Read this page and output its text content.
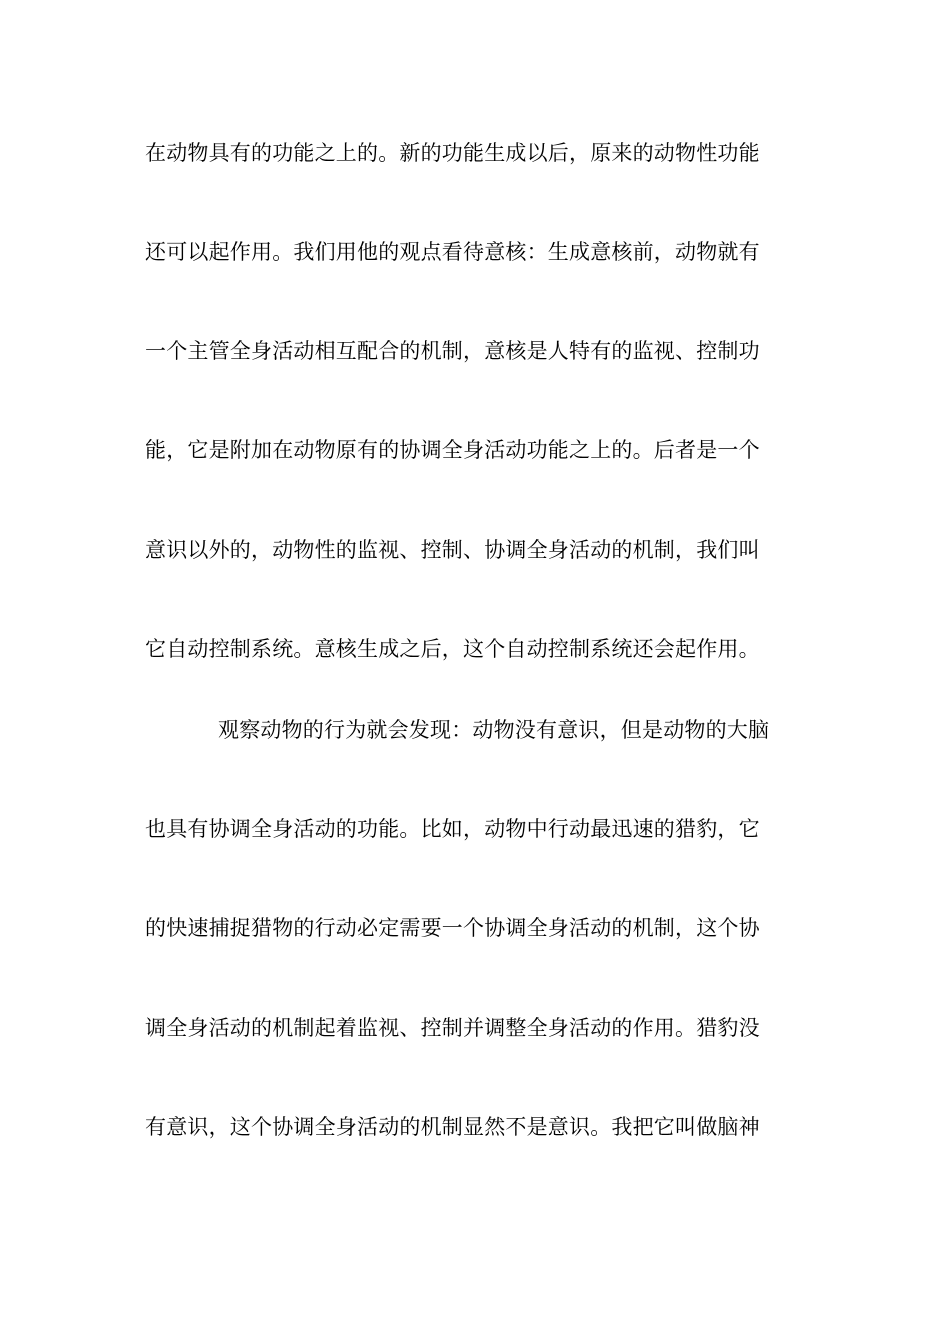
在动物具有的功能之上的。新的功能生成以后，原来的动物性功能
还可以起作用。我们用他的观点看待意核：生成意核前，动物就有
一个主管全身活动相互配合的机制，意核是人特有的监视、控制功
能，它是附加在动物原有的协调全身活动功能之上的。后者是一个
意识以外的，动物性的监视、控制、协调全身活动的机制，我们叫
它自动控制系统。意核生成之后，这个自动控制系统还会起作用。
观察动物的行为就会发现：动物没有意识，但是动物的大脑
也具有协调全身活动的功能。比如，动物中行动最迅速的猎豹，它
的快速捕捉猎物的行动必定需要一个协调全身活动的机制，这个协
调全身活动的机制起着监视、控制并调整全身活动的作用。猎豹没
有意识，这个协调全身活动的机制显然不是意识。我把它叫做脑神
